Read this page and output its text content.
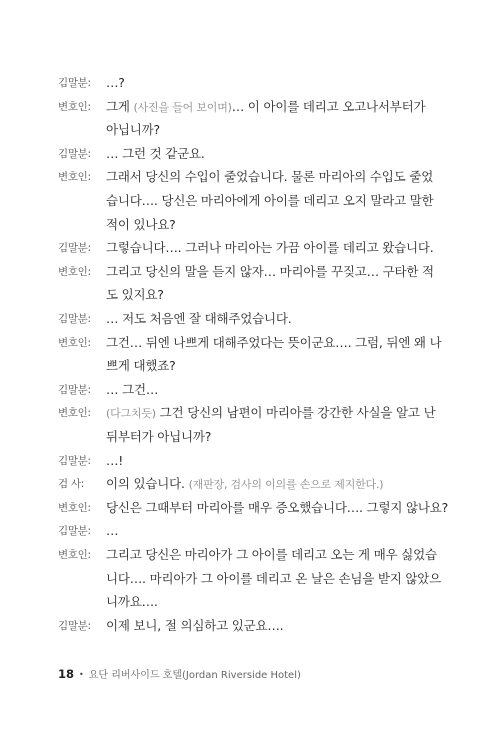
김말분: …?
변호인: 그게 (사진을 들어 보이며)… 이 아이를 데리고 오고나서부터가
아닙니까?
김말분: … 그런 것 같군요.
변호인: 그래서 당신의 수입이 줄었습니다. 물론 마리아의 수입도 줄었
습니다…. 당신은 마리아에게 아이를 데리고 오지 말라고 말한
적이 있나요?
김말분: 그렇습니다…. 그러나 마리아는 가끔 아이를 데리고 왔습니다.
변호인: 그리고 당신의 말을 듣지 않자… 마리아를 꾸짖고… 구타한 적
도 있지요?
김말분: … 저도 처음엔 잘 대해주었습니다.
변호인: 그건… 뒤엔 나쁘게 대해주었다는 뜻이군요…. 그럼, 뒤엔 왜 나
쁘게 대했죠?
김말분: … 그건…
변호인: (다그치듯) 그건 당신의 남편이 마리아를 강간한 사실을 알고 난
뒤부터가 아닙니까?
김말분: …!
검 사: 이의 있습니다. (재판장, 검사의 이의를 손으로 제지한다.)
변호인: 당신은 그때부터 마리아를 매우 증오했습니다…. 그렇지 않나요?
김말분: …
변호인: 그리고 당신은 마리아가 그 아이를 데리고 오는 게 매우 싫었습
니다…. 마리아가 그 아이를 데리고 온 날은 손님을 받지 않았으
니까요….
김말분: 이제 보니, 절 의심하고 있군요….
18 • 요단 리버사이드 호텔(Jordan Riverside Hotel)
